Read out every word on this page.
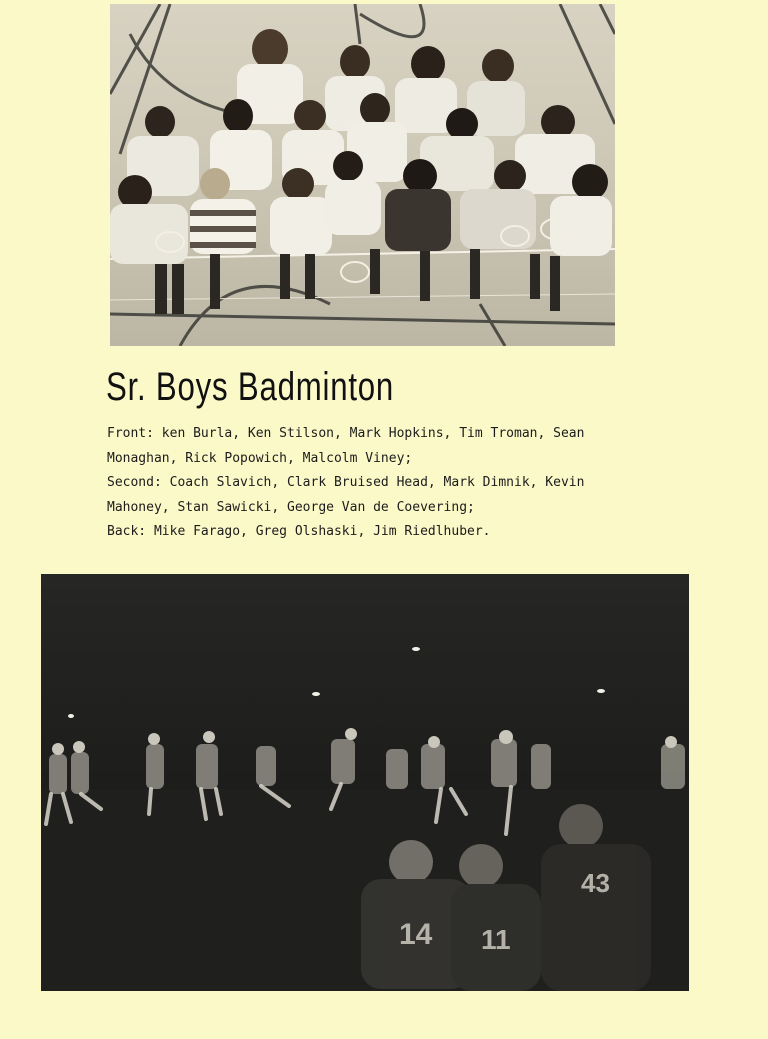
Sr. Boys Badminton
Front: ken Burla, Ken Stilson, Mark Hopkins, Tim Troman, Sean
Monaghan, Rick Popowich, Malcolm Viney;
Second: Coach Slavich, Clark Bruised Head, Mark Dimnik, Kevin
Mahoney, Stan Sawicki, George Van de Coevering;
Back: Mike Farago, Greg Olshaski, Jim Riedlhuber.
14 11
43
